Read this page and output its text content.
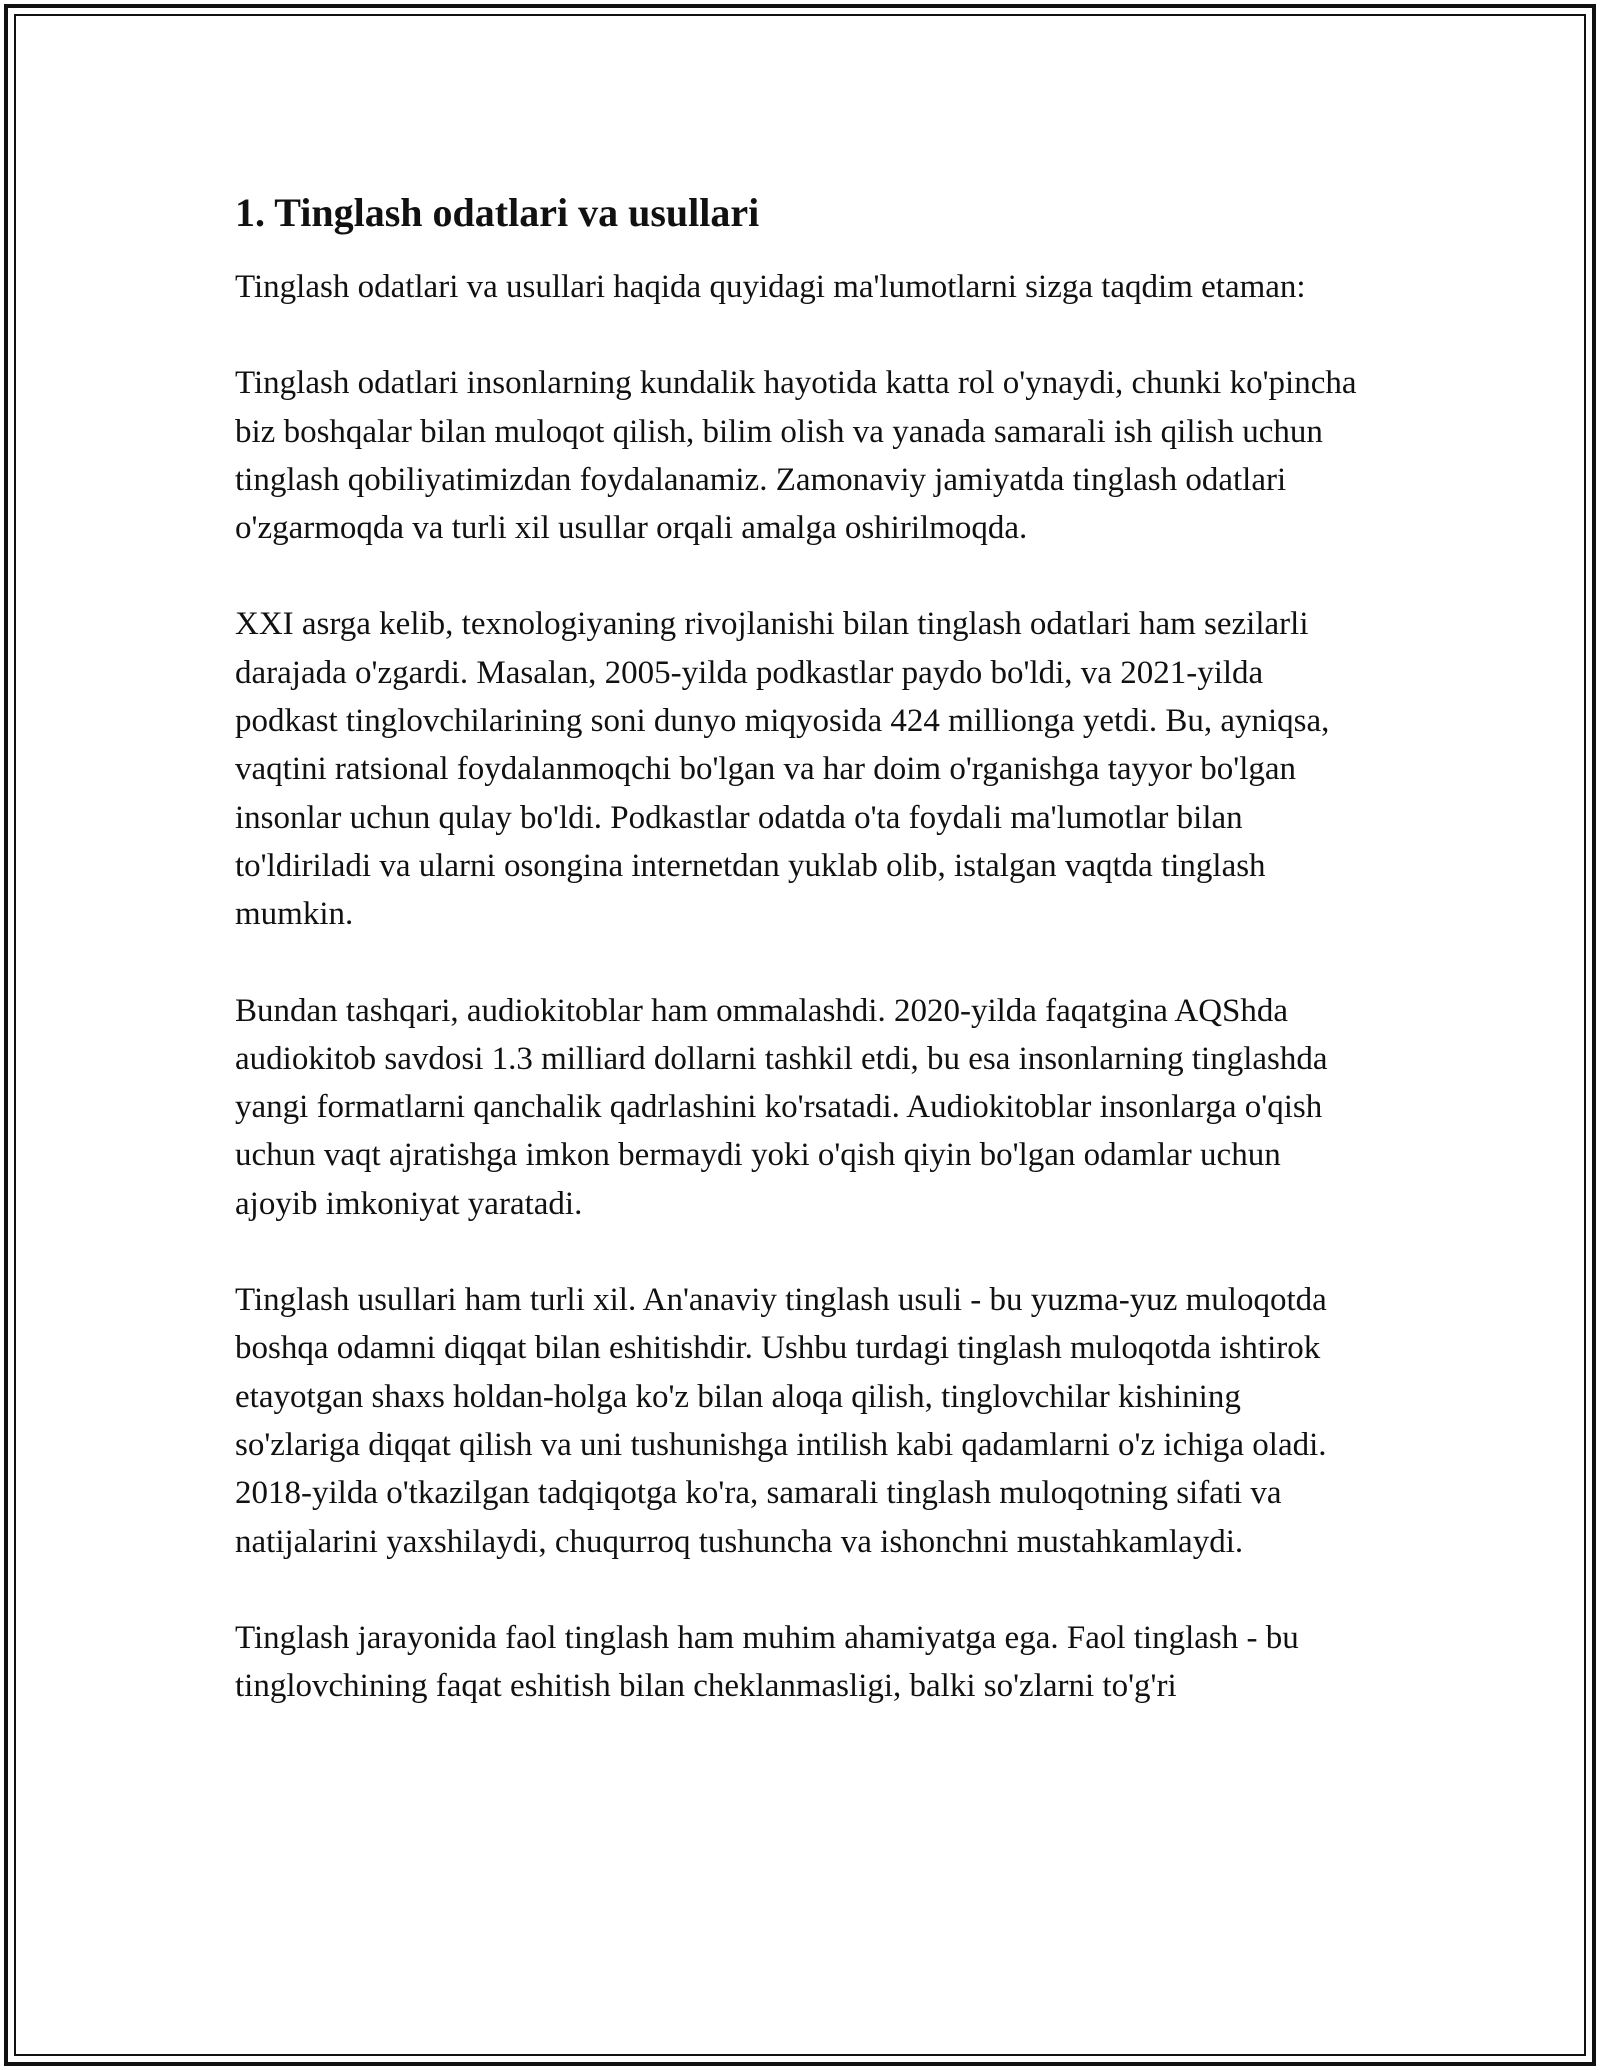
1. Tinglash odatlari va usullari

Tinglash odatlari va usullari haqida quyidagi ma'lumotlarni sizga taqdim etaman:

Tinglash odatlari insonlarning kundalik hayotida katta rol o'ynaydi, chunki ko'pincha biz boshqalar bilan muloqot qilish, bilim olish va yanada samarali ish qilish uchun tinglash qobiliyatimizdan foydalanamiz. Zamonaviy jamiyatda tinglash odatlari o'zgarmoqda va turli xil usullar orqali amalga oshirilmoqda.

XXI asrga kelib, texnologiyaning rivojlanishi bilan tinglash odatlari ham sezilarli darajada o'zgardi. Masalan, 2005-yilda podkastlar paydo bo'ldi, va 2021-yilda podkast tinglovchilarining soni dunyo miqyosida 424 millionga yetdi. Bu, ayniqsa, vaqtini ratsional foydalanmoqchi bo'lgan va har doim o'rganishga tayyor bo'lgan insonlar uchun qulay bo'ldi. Podkastlar odatda o'ta foydali ma'lumotlar bilan to'ldiriladi va ularni osongina internetdan yuklab olib, istalgan vaqtda tinglash mumkin.

Bundan tashqari, audiokitoblar ham ommalashdi. 2020-yilda faqatgina AQShda audiokitob savdosi 1.3 milliard dollarni tashkil etdi, bu esa insonlarning tinglashda yangi formatlarni qanchalik qadrlashini ko'rsatadi. Audiokitoblar insonlarga o'qish uchun vaqt ajratishga imkon bermaydi yoki o'qish qiyin bo'lgan odamlar uchun ajoyib imkoniyat yaratadi.

Tinglash usullari ham turli xil. An'anaviy tinglash usuli - bu yuzma-yuz muloqotda boshqa odamni diqqat bilan eshitishdir. Ushbu turdagi tinglash muloqotda ishtirok etayotgan shaxs holdan-holga ko'z bilan aloqa qilish, tinglovchilar kishining so'zlariga diqqat qilish va uni tushunishga intilish kabi qadamlarni o'z ichiga oladi. 2018-yilda o'tkazilgan tadqiqotga ko'ra, samarali tinglash muloqotning sifati va natijalarini yaxshilaydi, chuqurroq tushuncha va ishonchni mustahkamlaydi.

Tinglash jarayonida faol tinglash ham muhim ahamiyatga ega. Faol tinglash - bu tinglovchining faqat eshitish bilan cheklanmasligi, balki so'zlarni to'g'ri
